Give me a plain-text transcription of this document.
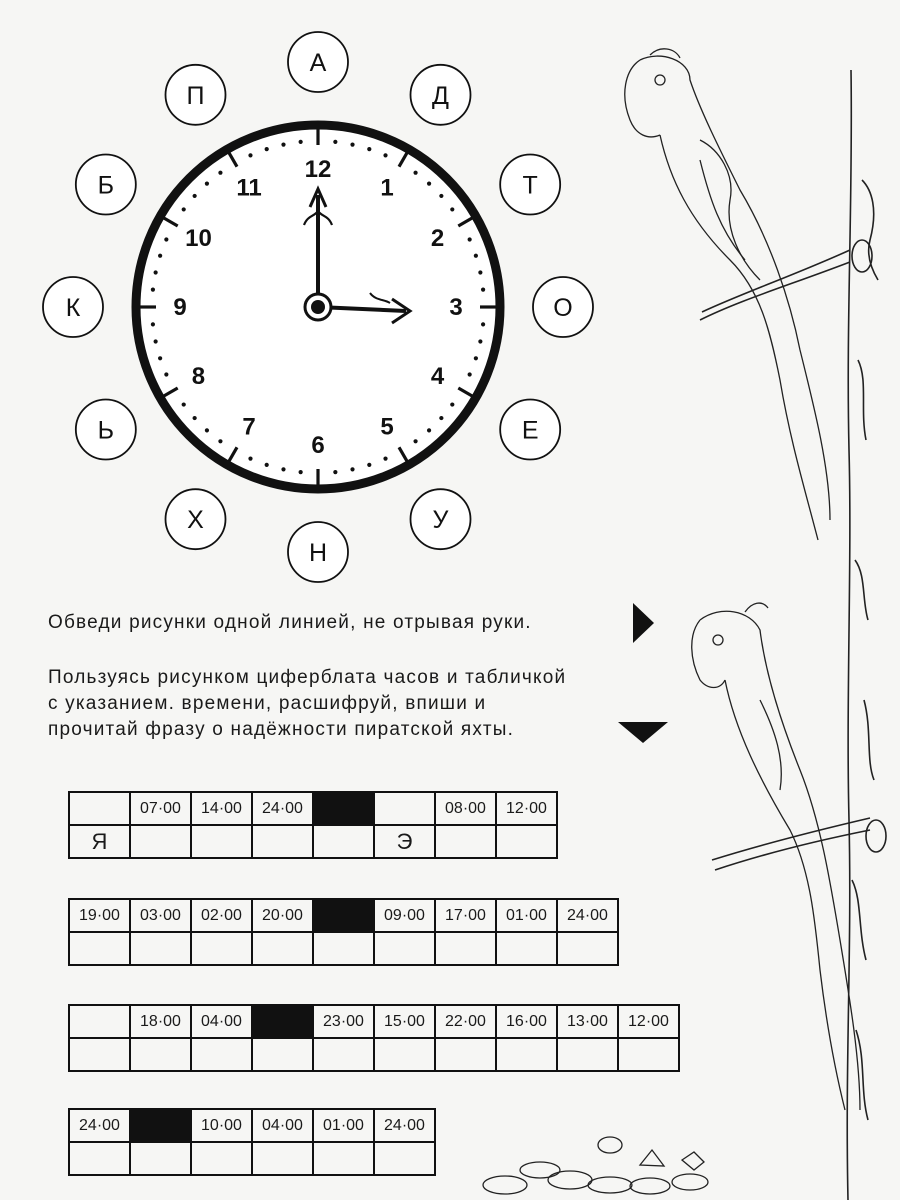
12
1
2
3
4
5
6
7
8
9
10
11
А
Д
Т
О
Е
У
Н
Х
Ь
К
Б
П
Обведи рисунки одной линией, не отрывая руки.
Пользуясь рисунком циферблата часов и табличкой
с указанием. времени, расшифруй, впиши и
прочитай фразу о надёжности пиратской яхты.
	07·00	14·00	24·00			08·00	12·00
Я					Э		
19·00	03·00	02·00	20·00		09·00	17·00	01·00	24·00

	18·00	04·00		23·00	15·00	22·00	16·00	13·00	12·00

24·00		10·00	04·00	01·00	24·00
